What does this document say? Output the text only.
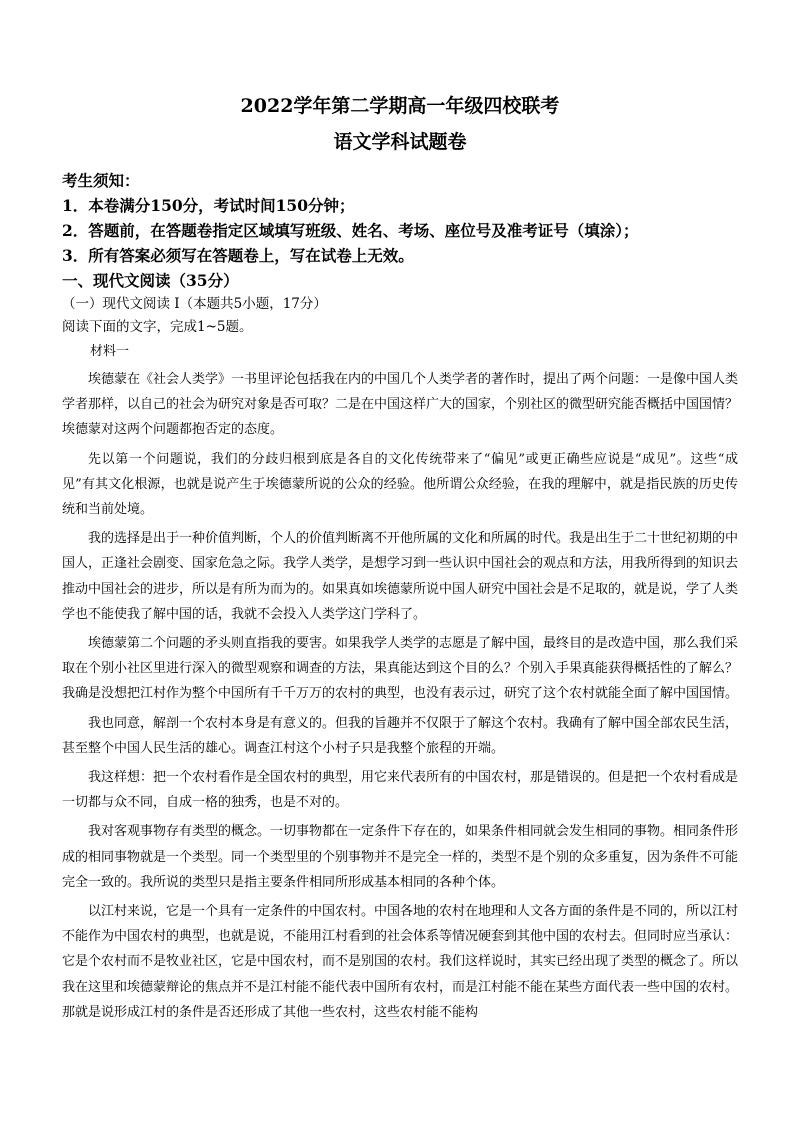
2022学年第二学期高一年级四校联考
语文学科试题卷
考生须知：
1．本卷满分150分，考试时间150分钟；
2．答题前，在答题卷指定区域填写班级、姓名、考场、座位号及准考证号（填涂）；
3．所有答案必须写在答题卷上，写在试卷上无效。
一、现代文阅读（35分）
（一）现代文阅读 I（本题共5小题，17分）
阅读下面的文字，完成1~5题。
材料一

埃德蒙在《社会人类学》一书里评论包括我在内的中国几个人类学者的著作时，提出了两个问题：一是像中国人类学者那样，以自己的社会为研究对象是否可取？二是在中国这样广大的国家，个别社区的微型研究能否概括中国国情？埃德蒙对这两个问题都抱否定的态度。

先以第一个问题说，我们的分歧归根到底是各自的文化传统带来了“偏见”或更正确些应说是“成见”。这些“成见”有其文化根源，也就是说产生于埃德蒙所说的公众的经验。他所谓公众经验，在我的理解中，就是指民族的历史传统和当前处境。

我的选择是出于一种价值判断，个人的价值判断离不开他所属的文化和所属的时代。我是出生于二十世纪初期的中国人，正逢社会剧变、国家危急之际。我学人类学，是想学习到一些认识中国社会的观点和方法，用我所得到的知识去推动中国社会的进步，所以是有所为而为的。如果真如埃德蒙所说中国人研究中国社会是不足取的，就是说，学了人类学也不能使我了解中国的话，我就不会投入人类学这门学科了。

埃德蒙第二个问题的矛头则直指我的要害。如果我学人类学的志愿是了解中国，最终目的是改造中国，那么我们采取在个别小社区里进行深入的微型观察和调查的方法，果真能达到这个目的么？个别入手果真能获得概括性的了解么？我确是没想把江村作为整个中国所有千千万万的农村的典型，也没有表示过，研究了这个农村就能全面了解中国国情。

我也同意，解剖一个农村本身是有意义的。但我的旨趣并不仅限于了解这个农村。我确有了解中国全部农民生活，甚至整个中国人民生活的雄心。调查江村这个小村子只是我整个旅程的开端。

我这样想：把一个农村看作是全国农村的典型，用它来代表所有的中国农村，那是错误的。但是把一个农村看成是一切都与众不同，自成一格的独秀，也是不对的。

我对客观事物存有类型的概念。一切事物都在一定条件下存在的，如果条件相同就会发生相同的事物。相同条件形成的相同事物就是一个类型。同一个类型里的个别事物并不是完全一样的，类型不是个别的众多重复，因为条件不可能完全一致的。我所说的类型只是指主要条件相同所形成基本相同的各种个体。

以江村来说，它是一个具有一定条件的中国农村。中国各地的农村在地理和人文各方面的条件是不同的，所以江村不能作为中国农村的典型，也就是说，不能用江村看到的社会体系等情况硬套到其他中国的农村去。但同时应当承认：它是个农村而不是牧业社区，它是中国农村，而不是别国的农村。我们这样说时，其实已经出现了类型的概念了。所以我在这里和埃德蒙辩论的焦点并不是江村能不能代表中国所有农村，而是江村能不能在某些方面代表一些中国的农村。那就是说形成江村的条件是否还形成了其他一些农村，这些农村能不能构
